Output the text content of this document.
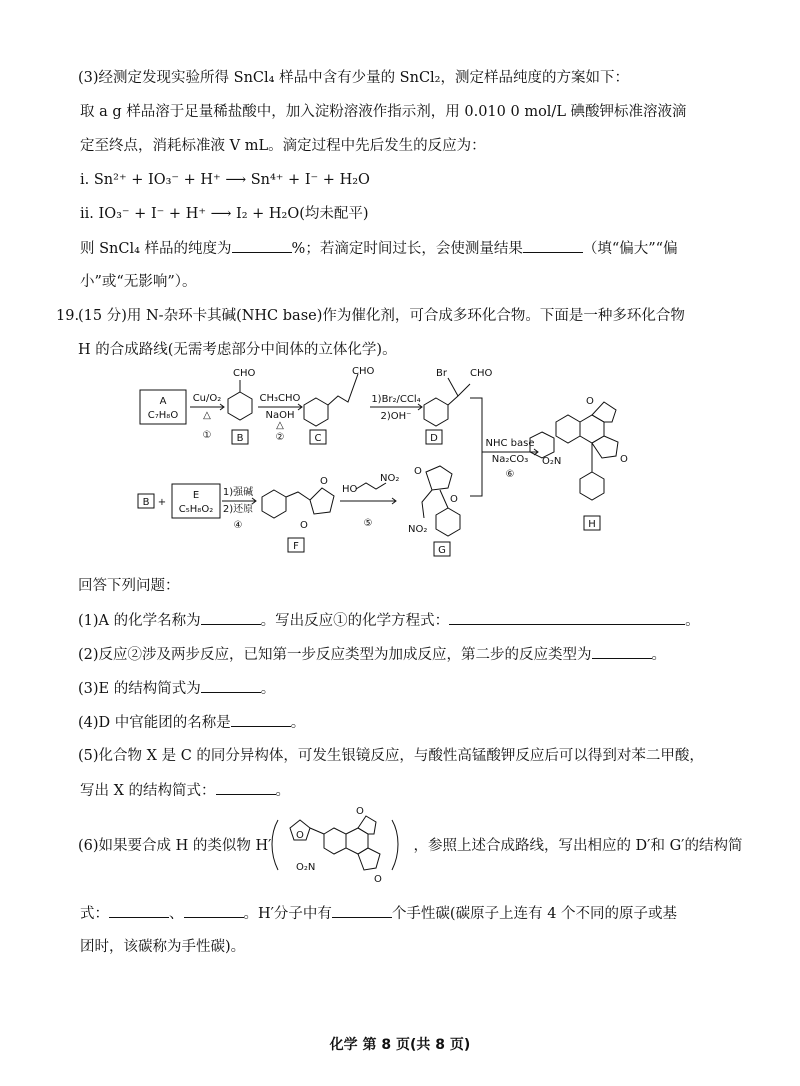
(3)经测定发现实验所得 SnCl₄ 样品中含有少量的 SnCl₂，测定样品纯度的方案如下：
取 a g 样品溶于足量稀盐酸中，加入淀粉溶液作指示剂，用 0.010 0 mol/L 碘酸钾标准溶液滴
定至终点，消耗标准液 V mL。滴定过程中先后发生的反应为：
i. Sn²⁺ + IO₃⁻ + H⁺ ⟶ Sn⁴⁺ + I⁻ + H₂O
ii. IO₃⁻ + I⁻ + H⁺ ⟶ I₂ + H₂O(均未配平)
则 SnCl₄ 样品的纯度为	%；若滴定时间过长，会使测量结果	（填“偏大”“偏
小”或“无影响”）。
19.
(15 分)用 N-杂环卡其碱(NHC base)作为催化剂，可合成多环化合物。下面是一种多环化合物
H 的合成路线(无需考虑部分中间体的立体化学)。
A
C₇H₈O
Cu/O₂
△
①
CHO
B
CH₃CHO
NaOH
△
②
CHO
C
1)Br₂/CCl₄
2)OH⁻
Br CHO
D	NHC base
Na₂CO₃
⑥
O
O
O₂N
H
B +
E
C₅H₈O₂
1)强碱
2)还原
④
O
O
F
HO
NO₂
⑤
O
O
NO₂
G
回答下列问题：
(1)A 的化学名称为	。写出反应①的化学方程式：	。
(2)反应②涉及两步反应，已知第一步反应类型为加成反应，第二步的反应类型为	。
(3)E 的结构简式为	。
(4)D 中官能团的名称是	。
(5)化合物 X 是 C 的同分异构体，可发生银镜反应，与酸性高锰酸钾反应后可以得到对苯二甲酸，
写出 X 的结构简式：	。
(6)如果要合成 H 的类似物 H′	，参照上述合成路线，写出相应的 D′和 G′的结构简
O
O
O
O₂N
式：	、	。H′分子中有	个手性碳(碳原子上连有 4 个不同的原子或基
团时，该碳称为手性碳)。
化学 第 8 页(共 8 页)
